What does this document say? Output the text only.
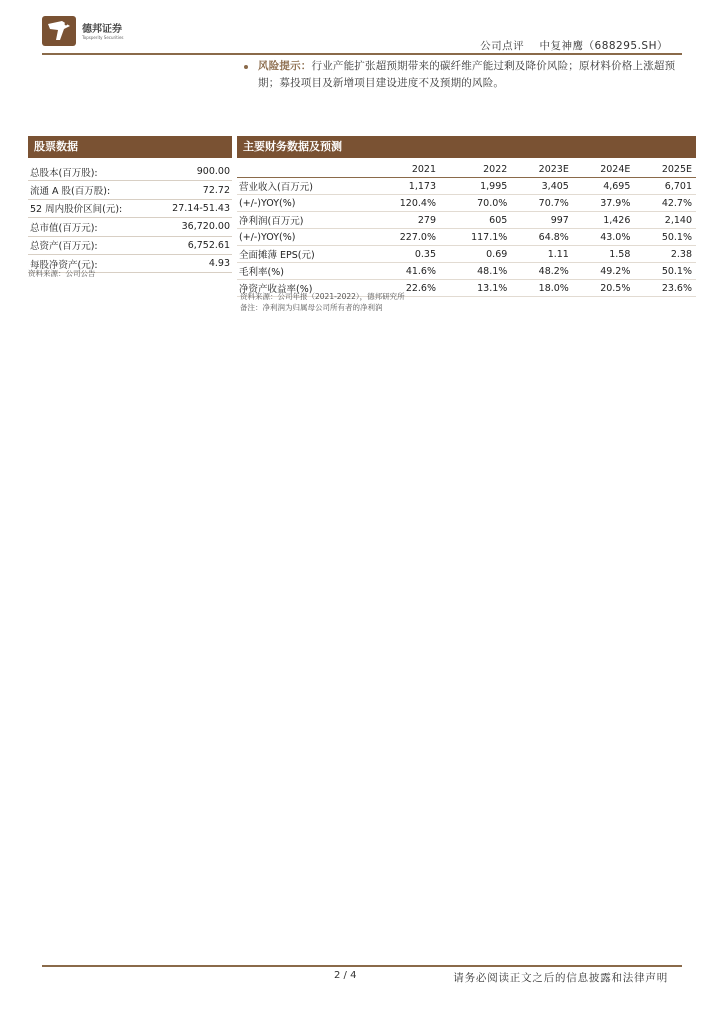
德邦证券
Topsperity Securities
公司点评 中复神鹰（688295.SH）
风险提示：行业产能扩张超预期带来的碳纤维产能过剩及降价风险；原材料价格上涨超预期；募投项目及新增项目建设进度不及预期的风险。
股票数据
总股本(百万股):	900.00
流通 A 股(百万股):	72.72
52 周内股价区间(元):	27.14-51.43
总市值(百万元):	36,720.00
总资产(百万元):	6,752.61
每股净资产(元):	4.93
资料来源：公司公告
主要财务数据及预测
	2021	2022	2023E	2024E	2025E
营业收入(百万元)	1,173	1,995	3,405	4,695	6,701
(+/-)YOY(%)	120.4%	70.0%	70.7%	37.9%	42.7%
净利润(百万元)	279	605	997	1,426	2,140
(+/-)YOY(%)	227.0%	117.1%	64.8%	43.0%	50.1%
全面摊薄 EPS(元)	0.35	0.69	1.11	1.58	2.38
毛利率(%)	41.6%	48.1%	48.2%	49.2%	50.1%
净资产收益率(%)	22.6%	13.1%	18.0%	20.5%	23.6%
资料来源：公司年报（2021-2022），德邦研究所
备注：净利润为归属母公司所有者的净利润
2 / 4	请务必阅读正文之后的信息披露和法律声明
